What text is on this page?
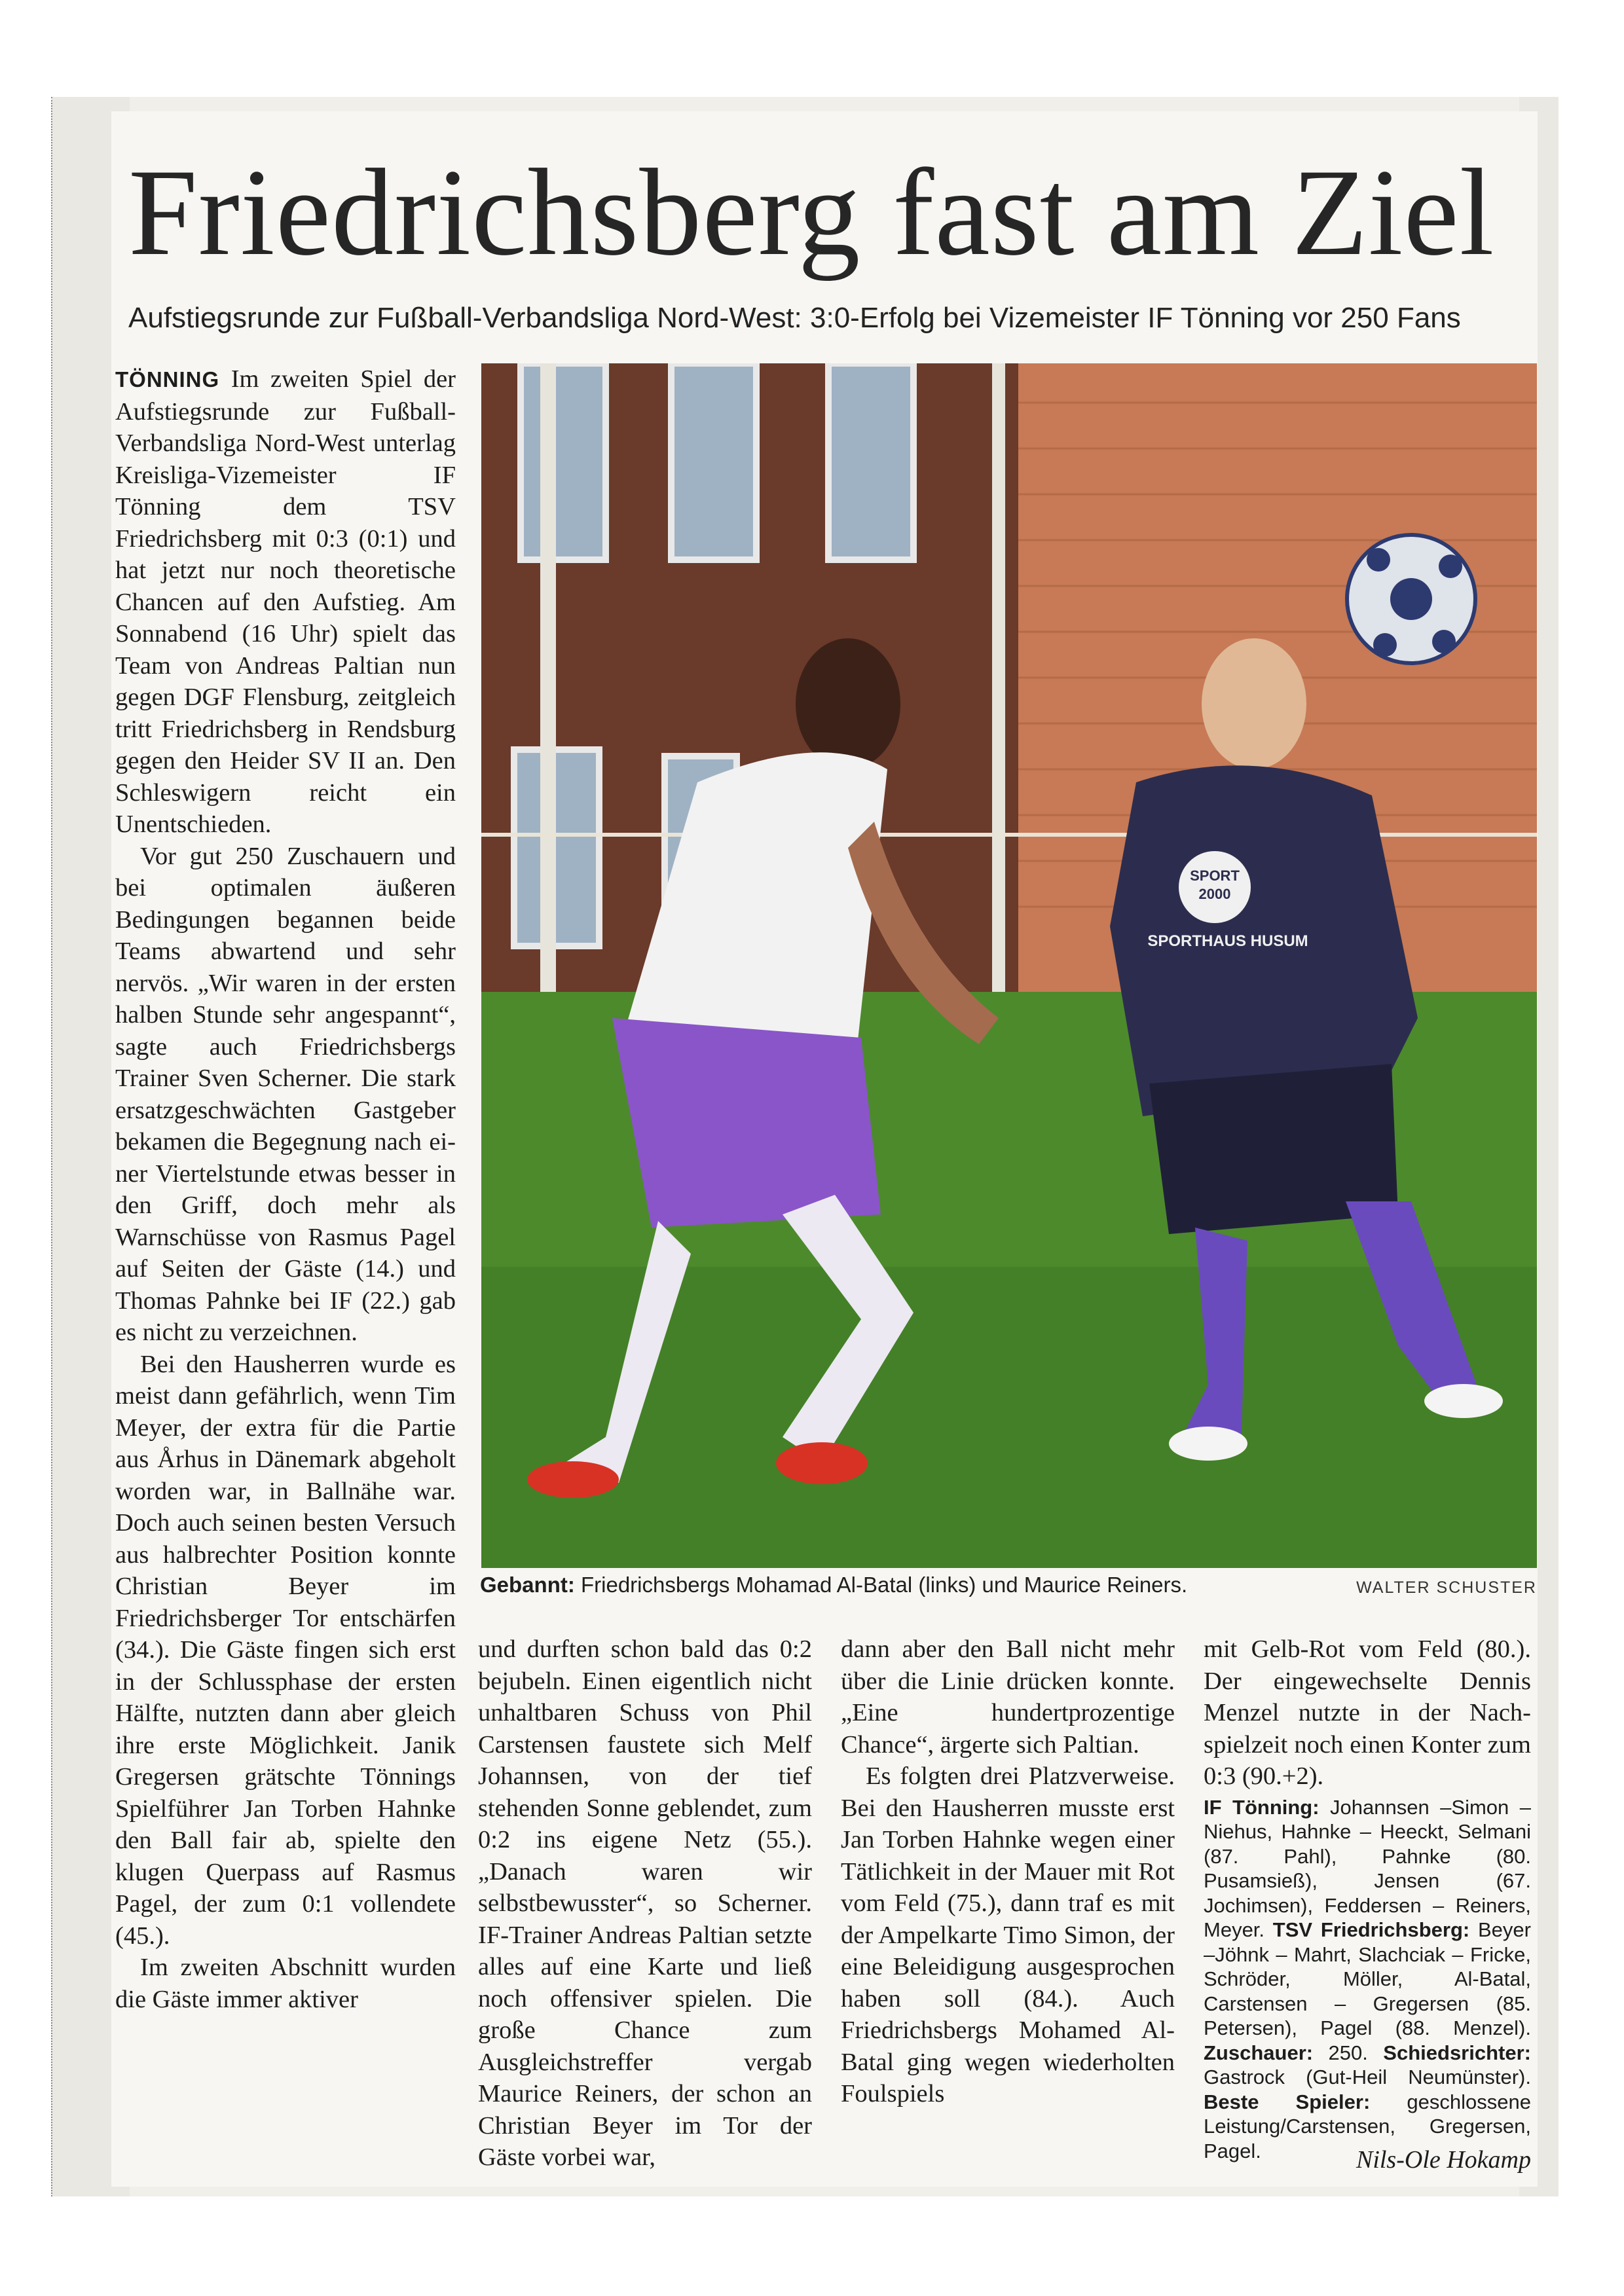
Friedrichsberg fast am Ziel
Aufstiegsrunde zur Fußball-Verbandsliga Nord-West: 3:0-Erfolg bei Vizemeister IF Tönning vor 250 Fans

TÖNNING Im zweiten Spiel der Aufstiegsrunde zur Fußball-Verbandsliga Nord-West unterlag Kreisliga-Vizemeister IF Tönning dem TSV Friedrichsberg mit 0:3 (0:1) und hat jetzt nur noch theoretische Chancen auf den Aufstieg. Am Sonnabend (16 Uhr) spielt das Team von Andreas Paltian nun gegen DGF Flensburg, zeitgleich tritt Friedrichsberg in Rendsburg gegen den Heider SV II an. Den Schleswigern reicht ein Unentschieden.

Vor gut 250 Zuschauern und bei optimalen äußeren Bedingungen begannen beide Teams abwartend und sehr nervös. „Wir waren in der ersten halben Stunde sehr angespannt“, sagte auch Friedrichsbergs Trainer Sven Scherner. Die stark ersatzgeschwächten Gastgeber bekamen die Begegnung nach einer Viertelstunde etwas besser in den Griff, doch mehr als Warnschüsse von Rasmus Pagel auf Seiten der Gäste (14.) und Thomas Pahnke bei IF (22.) gab es nicht zu verzeichnen.

Bei den Hausherren wurde es meist dann gefährlich, wenn Tim Meyer, der extra für die Partie aus Århus in Dänemark abgeholt worden war, in Ballnähe war. Doch auch seinen besten Versuch aus halbrechter Position konnte Christian Beyer im Friedrichsberger Tor entschärfen (34.). Die Gäste fingen sich erst in der Schlussphase der ersten Hälfte, nutzten dann aber gleich ihre erste Möglichkeit. Janik Gregersen grätschte Tönnings Spielführer Jan Torben Hahnke den Ball fair ab, spielte den klugen Querpass auf Rasmus Pagel, der zum 0:1 vollendete (45.).

Im zweiten Abschnitt wurden die Gäste immer aktiver

SPORT
2000
SPORTHAUS HUSUM
Gebannt: Friedrichsbergs Mohamad Al-Batal (links) und Maurice Reiners.	WALTER SCHUSTER

und durften schon bald das 0:2 bejubeln. Einen eigentlich nicht unhaltbaren Schuss von Phil Carstensen faustete sich Melf Johannsen, von der tief stehenden Sonne geblendet, zum 0:2 ins eigene Netz (55.). „Danach waren wir selbstbewusster“, so Scherner. IF-Trainer Andreas Paltian setzte alles auf eine Karte und ließ noch offensiver spielen. Die große Chance zum Ausgleichstreffer vergab Maurice Reiners, der schon an Christian Beyer im Tor der Gäste vorbei war,

dann aber den Ball nicht mehr über die Linie drücken konnte. „Eine hundertprozentige Chance“, ärgerte sich Paltian.

Es folgten drei Platzverweise. Bei den Hausherren musste erst Jan Torben Hahnke wegen einer Tätlichkeit in der Mauer mit Rot vom Feld (75.), dann traf es mit der Ampelkarte Timo Simon, der eine Beleidigung ausgesprochen haben soll (84.). Auch Friedrichsbergs Mohamed Al-Batal ging wegen wiederholten Foulspiels

mit Gelb-Rot vom Feld (80.). Der eingewechselte Dennis Menzel nutzte in der Nachspielzeit noch einen Konter zum 0:3 (90.+2).

IF Tönning: Johannsen –Simon – Niehus, Hahnke – Heeckt, Selmani (87. Pahl), Pahnke (80. Pusamsieß), Jensen (67. Jochimsen), Feddersen – Reiners, Meyer. TSV Friedrichsberg: Beyer –Jöhnk – Mahrt, Slachciak – Fricke, Schröder, Möller, Al-Batal, Carstensen – Gregersen (85. Petersen), Pagel (88. Menzel). Zuschauer: 250. Schiedsrichter: Gastrock (Gut-Heil Neumünster). Beste Spieler: geschlossene Leistung/Carstensen, Gregersen, Pagel.	Nils-Ole Hokamp
